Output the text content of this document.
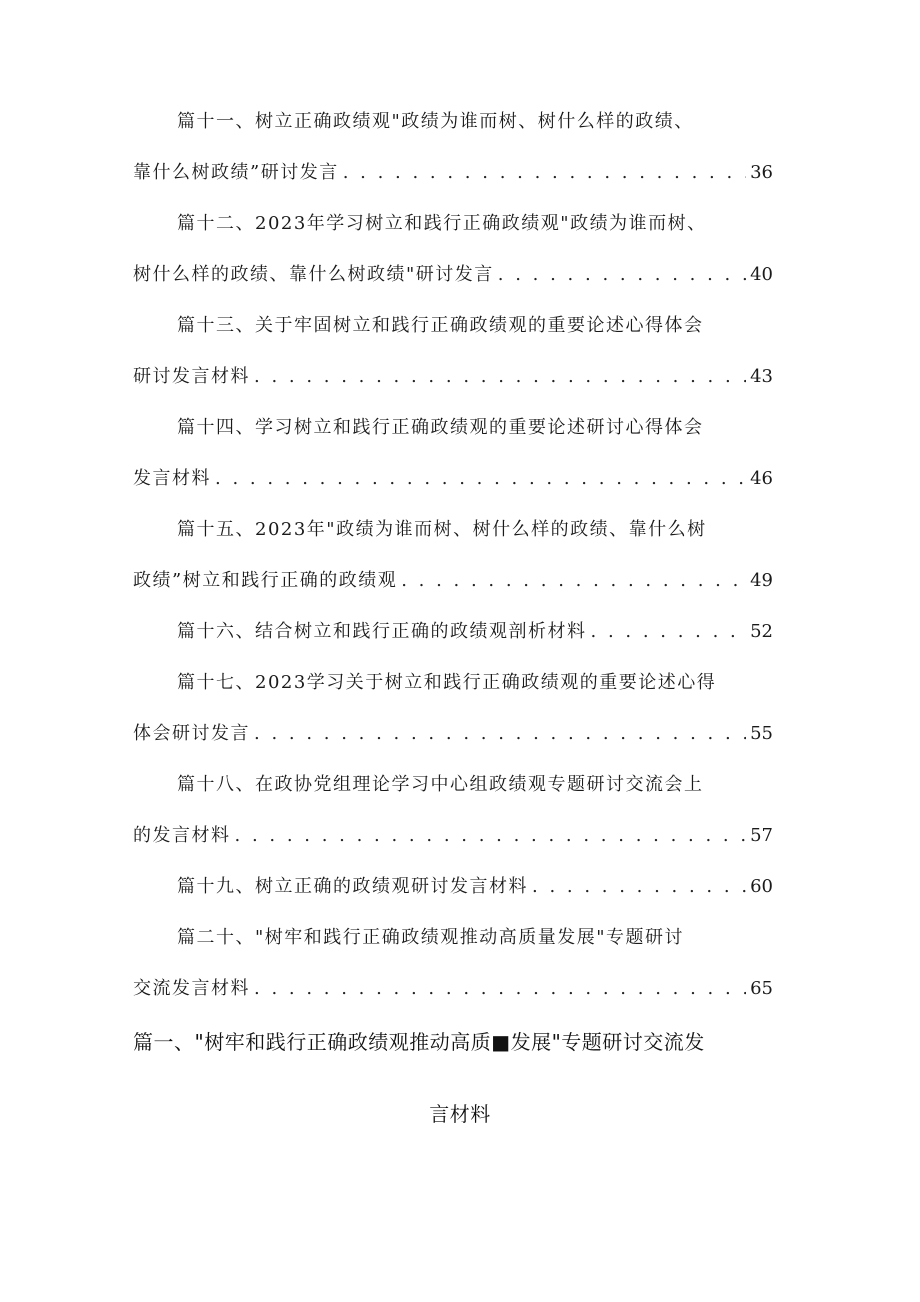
篇十一、树立正确政绩观"政绩为谁而树、树什么样的政绩、
靠什么树政绩”研讨发言 . . .	36
篇十二、2023年学习树立和践行正确政绩观"政绩为谁而树、
树什么样的政绩、靠什么树政绩"研讨发言 . . .	40
篇十三、关于牢固树立和践行正确政绩观的重要论述心得体会
研讨发言材料 . . .	43
篇十四、学习树立和践行正确政绩观的重要论述研讨心得体会
发言材料 . . .	46
篇十五、2023年"政绩为谁而树、树什么样的政绩、靠什么树
政绩”树立和践行正确的政绩观 . . .	49
篇十六、结合树立和践行正确的政绩观剖析材料 . . .	52
篇十七、2023学习关于树立和践行正确政绩观的重要论述心得
体会研讨发言 . . .	55
篇十八、在政协党组理论学习中心组政绩观专题研讨交流会上
的发言材料 . . .	57
篇十九、树立正确的政绩观研讨发言材料 . . .	60
篇二十、"树牢和践行正确政绩观推动高质量发展"专题研讨
交流发言材料 . . .	65
篇一、"树牢和践行正确政绩观推动高质■发展"专题研讨交流发
言材料
